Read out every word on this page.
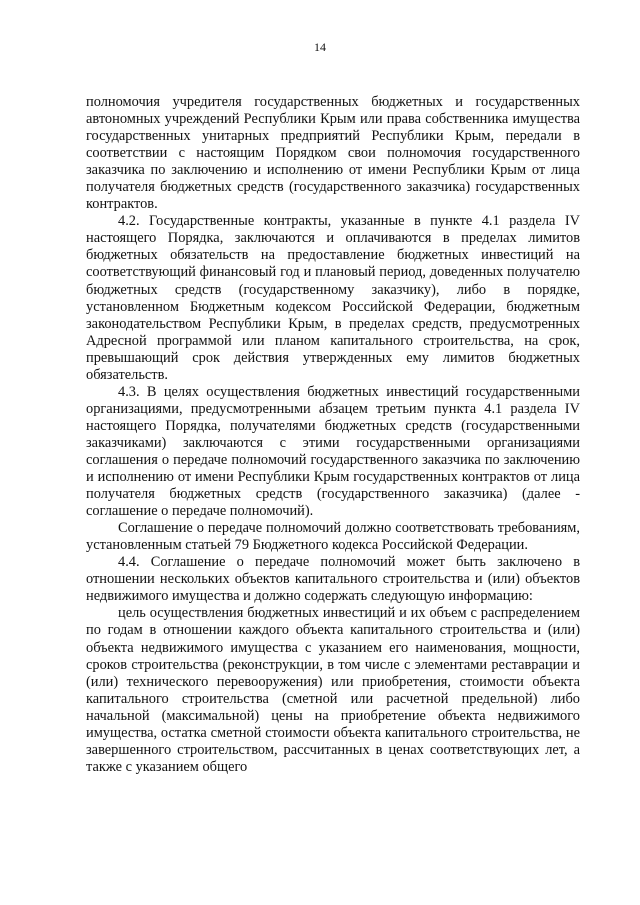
14

полномочия учредителя государственных бюджетных и государственных автономных учреждений Республики Крым или права собственника имущества государственных унитарных предприятий Республики Крым, передали в соответствии с настоящим Порядком свои полномочия государственного заказчика по заключению и исполнению от имени Республики Крым от лица получателя бюджетных средств (государственного заказчика) государственных контрактов.

4.2. Государственные контракты, указанные в пункте 4.1 раздела IV настоящего Порядка, заключаются и оплачиваются в пределах лимитов бюджетных обязательств на предоставление бюджетных инвестиций на соответствующий финансовый год и плановый период, доведенных получателю бюджетных средств (государственному заказчику), либо в порядке, установленном Бюджетным кодексом Российской Федерации, бюджетным законодательством Республики Крым, в пределах средств, предусмотренных Адресной программой или планом капитального строительства, на срок, превышающий срок действия утвержденных ему лимитов бюджетных обязательств.

4.3. В целях осуществления бюджетных инвестиций государственными организациями, предусмотренными абзацем третьим пункта 4.1 раздела IV настоящего Порядка, получателями бюджетных средств (государственными заказчиками) заключаются с этими государственными организациями соглашения о передаче полномочий государственного заказчика по заключению и исполнению от имени Республики Крым государственных контрактов от лица получателя бюджетных средств (государственного заказчика) (далее - соглашение о передаче полномочий).

Соглашение о передаче полномочий должно соответствовать требованиям, установленным статьей 79 Бюджетного кодекса Российской Федерации.

4.4. Соглашение о передаче полномочий может быть заключено в отношении нескольких объектов капитального строительства и (или) объектов недвижимого имущества и должно содержать следующую информацию:

цель осуществления бюджетных инвестиций и их объем с распределением по годам в отношении каждого объекта капитального строительства и (или) объекта недвижимого имущества с указанием его наименования, мощности, сроков строительства (реконструкции, в том числе с элементами реставрации и (или) технического перевооружения) или приобретения, стоимости объекта капитального строительства (сметной или расчетной предельной) либо начальной (максимальной) цены на приобретение объекта недвижимого имущества, остатка сметной стоимости объекта капитального строительства, не завершенного строительством, рассчитанных в ценах соответствующих лет, а также с указанием общего
